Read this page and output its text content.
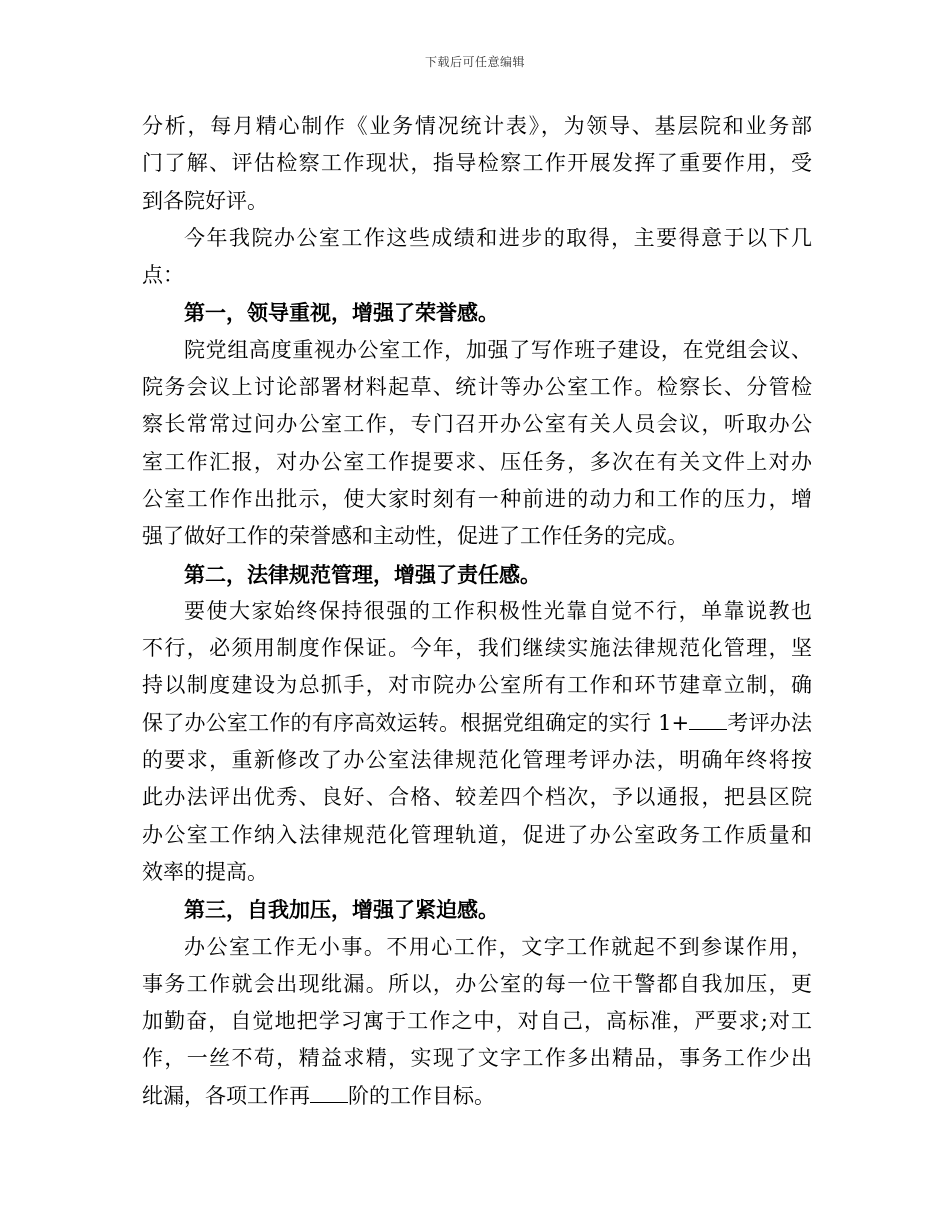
下载后可任意编辑
分析，每月精心制作《业务情况统计表》，为领导、基层院和业务部
门了解、评估检察工作现状，指导检察工作开展发挥了重要作用，受
到各院好评。
今年我院办公室工作这些成绩和进步的取得，主要得意于以下几
点：
第一，领导重视，增强了荣誉感。
院党组高度重视办公室工作，加强了写作班子建设，在党组会议、
院务会议上讨论部署材料起草、统计等办公室工作。检察长、分管检
察长常常过问办公室工作，专门召开办公室有关人员会议，听取办公
室工作汇报，对办公室工作提要求、压任务，多次在有关文件上对办
公室工作作出批示，使大家时刻有一种前进的动力和工作的压力，增
强了做好工作的荣誉感和主动性，促进了工作任务的完成。
第二，法律规范管理，增强了责任感。
要使大家始终保持很强的工作积极性光靠自觉不行，单靠说教也
不行，必须用制度作保证。今年，我们继续实施法律规范化管理，坚
持以制度建设为总抓手，对市院办公室所有工作和环节建章立制，确
保了办公室工作的有序高效运转。根据党组确定的实行 1+ 考评办法
的要求，重新修改了办公室法律规范化管理考评办法，明确年终将按
此办法评出优秀、良好、合格、较差四个档次，予以通报，把县区院
办公室工作纳入法律规范化管理轨道，促进了办公室政务工作质量和
效率的提高。
第三，自我加压，增强了紧迫感。
办公室工作无小事。不用心工作，文字工作就起不到参谋作用，
事务工作就会出现纰漏。所以，办公室的每一位干警都自我加压，更
加勤奋，自觉地把学习寓于工作之中，对自己，高标准，严要求;对工
作，一丝不苟，精益求精，实现了文字工作多出精品，事务工作少出
纰漏，各项工作再 阶的工作目标。
